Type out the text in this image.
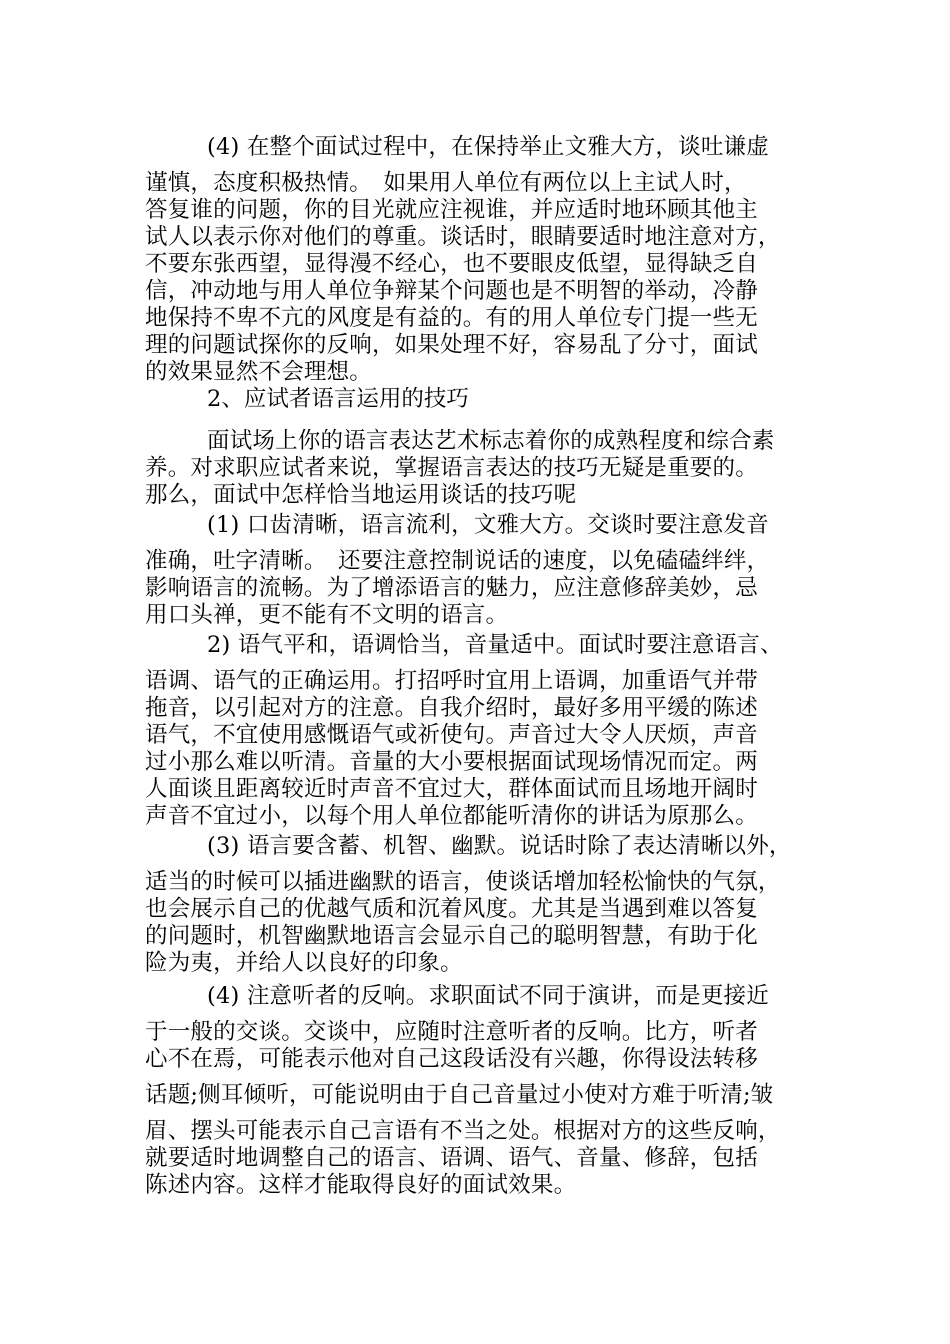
(4) 在整个面试过程中，在保持举止文雅大方，谈吐谦虚
谨慎，态度积极热情。　如果用人单位有两位以上主试人时，
答复谁的问题，你的目光就应注视谁，并应适时地环顾其他主
试人以表示你对他们的尊重。谈话时，眼睛要适时地注意对方，
不要东张西望，显得漫不经心，也不要眼皮低望，显得缺乏自
信，冲动地与用人单位争辩某个问题也是不明智的举动，冷静
地保持不卑不亢的风度是有益的。有的用人单位专门提一些无
理的问题试探你的反响，如果处理不好，容易乱了分寸，面试
的效果显然不会理想。

2、应试者语言运用的技巧

面试场上你的语言表达艺术标志着你的成熟程度和综合素
养。对求职应试者来说，掌握语言表达的技巧无疑是重要的。
那么，面试中怎样恰当地运用谈话的技巧呢
(1) 口齿清晰，语言流利，文雅大方。交谈时要注意发音
准确，吐字清晰。　还要注意控制说话的速度，以免磕磕绊绊，
影响语言的流畅。为了增添语言的魅力，应注意修辞美妙，忌
用口头禅，更不能有不文明的语言。
2) 语气平和，语调恰当，音量适中。面试时要注意语言、
语调、语气的正确运用。打招呼时宜用上语调，加重语气并带
拖音，以引起对方的注意。自我介绍时，最好多用平缓的陈述
语气，不宜使用感慨语气或祈使句。声音过大令人厌烦，声音
过小那么难以听清。音量的大小要根据面试现场情况而定。两
人面谈且距离较近时声音不宜过大，群体面试而且场地开阔时
声音不宜过小，以每个用人单位都能听清你的讲话为原那么。
(3) 语言要含蓄、机智、幽默。说话时除了表达清晰以外，
适当的时候可以插进幽默的语言，使谈话增加轻松愉快的气氛，
也会展示自己的优越气质和沉着风度。尤其是当遇到难以答复
的问题时，机智幽默地语言会显示自己的聪明智慧，有助于化
险为夷，并给人以良好的印象。
(4) 注意听者的反响。求职面试不同于演讲，而是更接近
于一般的交谈。交谈中，应随时注意听者的反响。比方，听者
心不在焉，可能表示他对自己这段话没有兴趣，你得设法转移
话题;侧耳倾听，可能说明由于自己音量过小使对方难于听清;皱
眉、摆头可能表示自己言语有不当之处。根据对方的这些反响，
就要适时地调整自己的语言、语调、语气、音量、修辞，包括
陈述内容。这样才能取得良好的面试效果。
